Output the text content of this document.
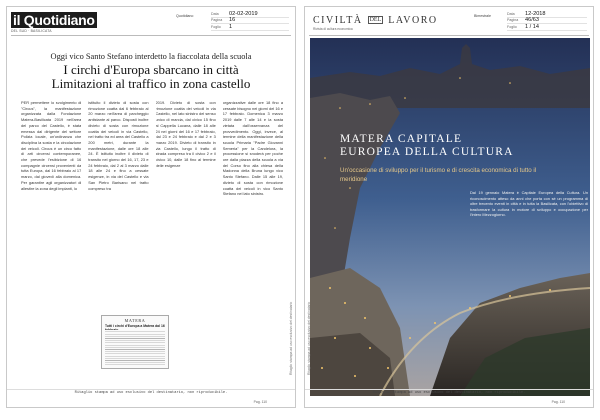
il Quotidiano
DEL SUD · BASILICATA
Quotidiano
Data	02-02-2019
Pagina	16
Foglio	1
Oggi vico Santo Stefano interdetto la fiaccolata della scuola
I circhi d'Europa sbarcano in città
Limitazioni al traffico in zona castello
PER permettere lo svolgimento di "Circus", la manifestazione organizzata dalla Fondazione Matera-Basilicata 2019 nell'area del parco del Castello, è stata emessa dal dirigente del settore Polizia locale, un'ordinanza che disciplina la sosta e la circolazione dei veicoli. Circus è un circo fatto di arti circensi contemporanee, che prevede l'esibizione di 16 compagnie circensi provenienti da tutta Europa, dal 16 febbraio al 17 marzo, dal giovedì alla domenica. Per garantire agli organizzatori di allestire la zona degli impianti, lo
istituito il divieto di sosta con rimozione coatta dal 6 febbraio al 20 marzo nell'area di parcheggio antistante al parco. Disposti inoltre divieto di sosta con rimozione coatta dei veicoli in via Castello, nel tratto tra ed area del Castello a 200 metri, durante la manifestazione, dalle ore 18 alle 24. È istituito inoltre il divieto di transito nel giorno del 16, 17, 23 e 24 febbraio, dal 2 al 3 marzo dalle 18 alle 24 e fino a cessate esigenze, in via del Castello e via San Pietro Barisano nel tratto compreso tra
2019. Divieto di sosta con rimozione coatta dei veicoli in via Castello, nel lato sinistro del senso unico di marcia, dal civico 15 fino al Cappella Lucana, dalle 18 alle 24 nei giorni del 16 e 17 febbraio, dal 23 e 24 febbraio e dal 2 e 3 marzo 2019. Divieto di transito in via Castello, lungo il tratto di strada compreso tra il civico 2 e il civico 10, dalle 18 fino al termine delle esigenze
organizzative dalle ore 18 fino a cessate bisogno nei giorni del 16 e 17 febbraio. Domenica 3 marzo 2019 dalle 7 alle 14 e la sosta vietata dall'osservanza del provvedimento. Oggi, invece, al termine della manifestazione della scuola Primaria "Padre Giovanni Semeria" per la Candelora, la processione si snoderà per poche ore dalla piazza della scuola a via del Corso fino alla chiesa della Madonna della Bruna lungo vico Santo Stefano. Dalle 15 alle 19, divieto di sosta con rimozione coatta dei veicoli in vico Santo Stefano nel lato sinistro.
MATERA
Tutti i circhi d'Europa a Matera dal 16	Ritaglio stampa ad uso esclusivo del destinatario
Ritaglio stampa ad uso esclusivo del destinatario, non riproducibile.
Pag. 110
CIVILTÀ DEL LAVORO
Rivista di cultura economica
Bimestrale
Data	12-2018
Pagina	46/63
Foglio	1 / 14
MATERA CAPITALE
EUROPEA DELLA CULTURA
Un'occasione di sviluppo per il turismo e di crescita economica di tutto il meridione
Dal 19 gennaio Matera è Capitale Europea della Cultura. Un riconoscimento atteso da anni che porta con sé un programma di oltre trecento eventi in città e in tutta la Basilicata, con l'obiettivo di trasformare la cultura in motore di sviluppo e occupazione per l'intero Mezzogiorno.
Ritaglio stampa ad uso esclusivo del destinatario
Ritaglio stampa ad uso esclusivo del destinatario, non riproducibile.
Pag. 110
